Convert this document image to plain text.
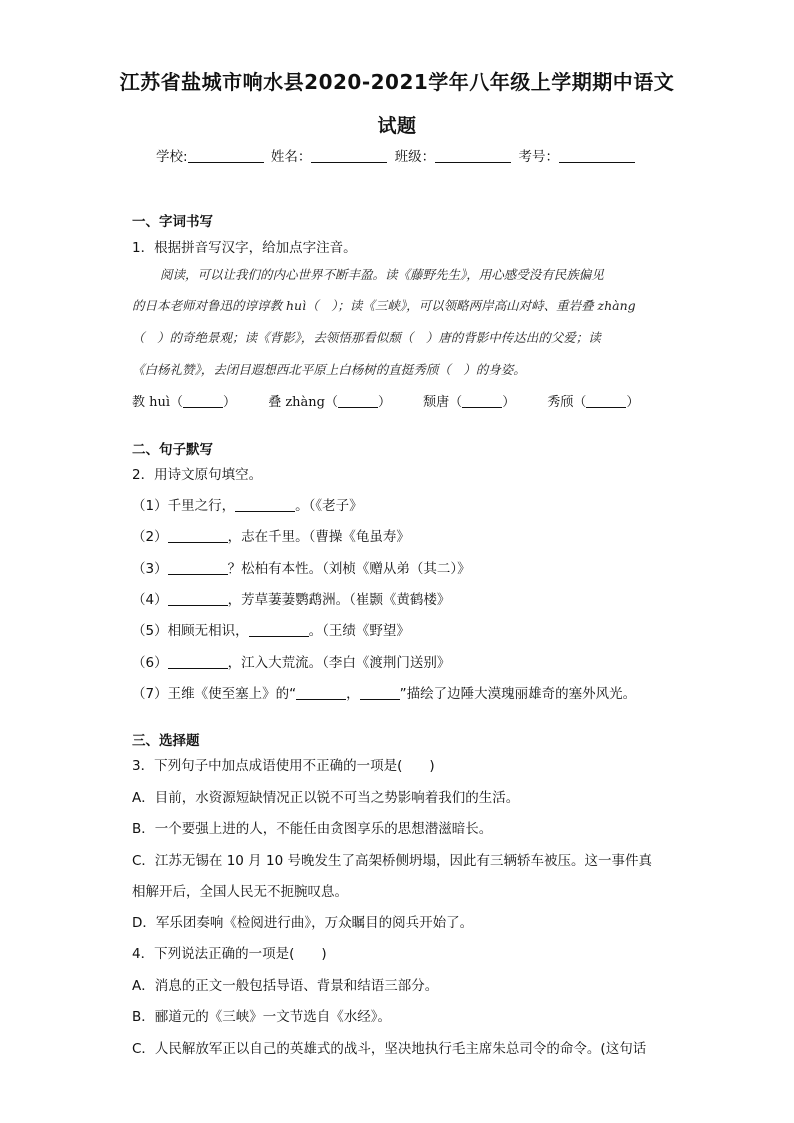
江苏省盐城市响水县2020-2021学年八年级上学期期中语文
试题
学校:	姓名：	班级：	考号：
一、字词书写
1．根据拼音写汉字，给加点字注音。
阅读，可以让我们的内心世界不断丰盈。读《藤野先生》，用心感受没有民族偏见
的日本老师对鲁迅的谆谆教 huì（　）；读《三峡》，可以领略两岸高山对峙、重岩叠 zhàng
（　）的奇绝景观；读《背影》，去领悟那看似颓（　）唐的背影中传达出的父爱；读
《白杨礼赞》，去闭目遐想西北平原上白杨树的直挺秀颀（　）的身姿。
教 huì（	） 叠 zhàng（	） 颓唐（	） 秀颀（	）
二、句子默写
2．用诗文原句填空。
（1）千里之行，	。（《老子》
（2）	，志在千里。（曹操《龟虽寿》
（3）	？松柏有本性。（刘桢《赠从弟（其二）》
（4）	，芳草萋萋鹦鹉洲。（崔颢《黄鹤楼》
（5）相顾无相识，	。（王绩《野望》
（6）	，江入大荒流。（李白《渡荆门送别》
（7）王维《使至塞上》的“	，	”描绘了边陲大漠瑰丽雄奇的塞外风光。
三、选择题
3．下列句子中加点成语使用不正确的一项是(　　)
A．目前，水资源短缺情况正以锐不可当之势影响着我们的生活。
B．一个要强上进的人，不能任由贪图享乐的思想潜滋暗长。
C．江苏无锡在 10 月 10 号晚发生了高架桥侧坍塌，因此有三辆轿车被压。这一事件真
相解开后，全国人民无不扼腕叹息。
D．军乐团奏响《检阅进行曲》，万众瞩目的阅兵开始了。
4．下列说法正确的一项是(　　)
A．消息的正文一般包括导语、背景和结语三部分。
B．郦道元的《三峡》一文节选自《水经》。
C．人民解放军正以自己的英雄式的战斗，坚决地执行毛主席朱总司令的命令。(这句话
